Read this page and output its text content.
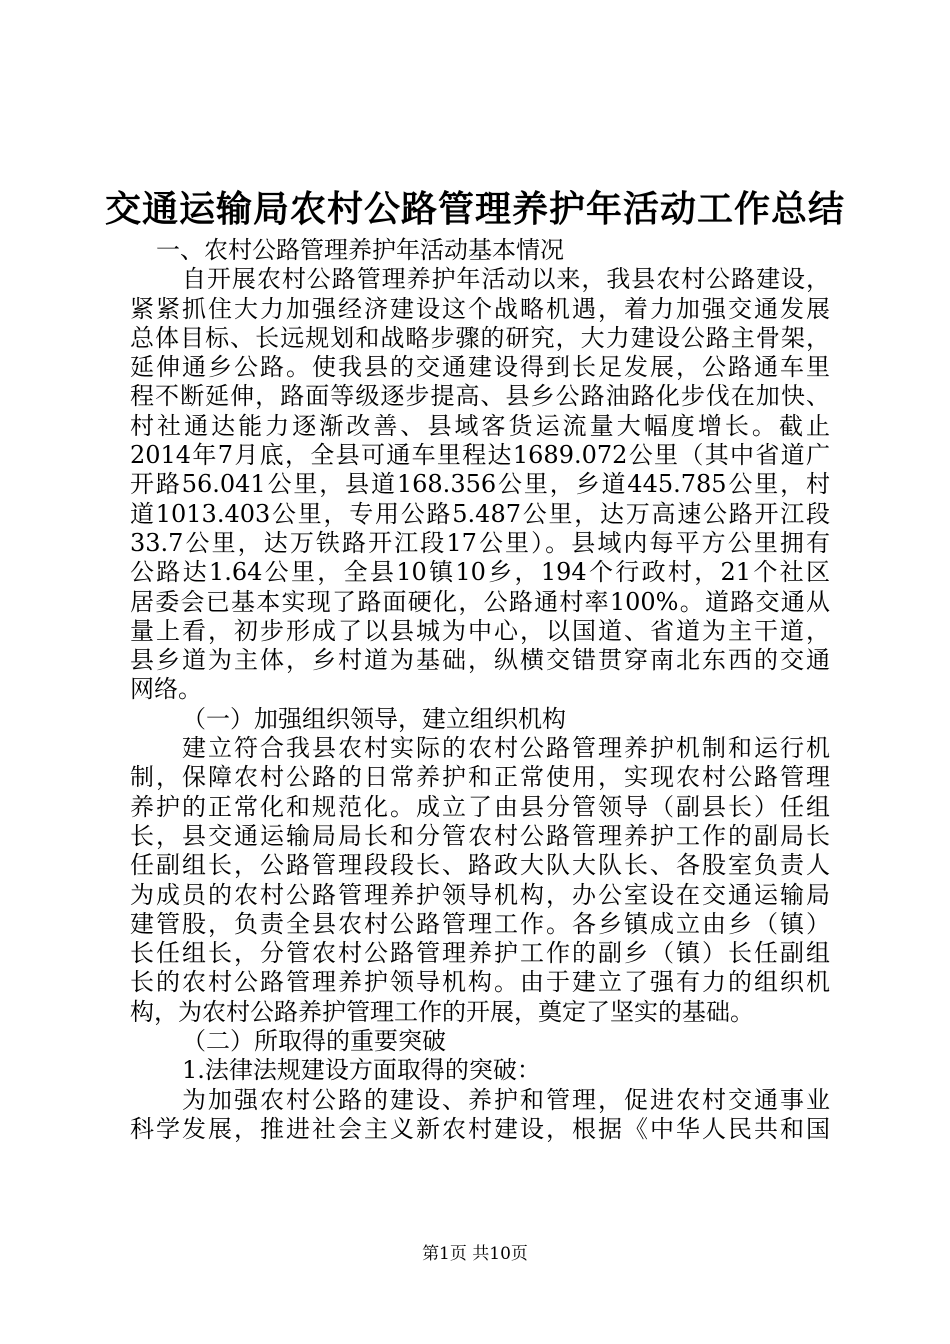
交通运输局农村公路管理养护年活动工作总结
一、农村公路管理养护年活动基本情况
自开展农村公路管理养护年活动以来，我县农村公路建设，
紧紧抓住大力加强经济建设这个战略机遇，着力加强交通发展
总体目标、长远规划和战略步骤的研究，大力建设公路主骨架，
延伸通乡公路。使我县的交通建设得到长足发展，公路通车里
程不断延伸，路面等级逐步提高、县乡公路油路化步伐在加快、
村社通达能力逐渐改善、县域客货运流量大幅度增长。截止
2014年7月底，全县可通车里程达1689.072公里（其中省道广
开路56.041公里，县道168.356公里，乡道445.785公里，村
道1013.403公里，专用公路5.487公里，达万高速公路开江段
33.7公里，达万铁路开江段17公里）。县域内每平方公里拥有
公路达1.64公里，全县10镇10乡，194个行政村，21个社区
居委会已基本实现了路面硬化，公路通村率100%。道路交通从
量上看，初步形成了以县城为中心，以国道、省道为主干道，
县乡道为主体，乡村道为基础，纵横交错贯穿南北东西的交通
网络。
（一）加强组织领导，建立组织机构
建立符合我县农村实际的农村公路管理养护机制和运行机
制，保障农村公路的日常养护和正常使用，实现农村公路管理
养护的正常化和规范化。成立了由县分管领导（副县长）任组
长，县交通运输局局长和分管农村公路管理养护工作的副局长
任副组长，公路管理段段长、路政大队大队长、各股室负责人
为成员的农村公路管理养护领导机构，办公室设在交通运输局
建管股，负责全县农村公路管理工作。各乡镇成立由乡（镇）
长任组长，分管农村公路管理养护工作的副乡（镇）长任副组
长的农村公路管理养护领导机构。由于建立了强有力的组织机
构，为农村公路养护管理工作的开展，奠定了坚实的基础。
（二）所取得的重要突破
1.法律法规建设方面取得的突破：
为加强农村公路的建设、养护和管理，促进农村交通事业
科学发展，推进社会主义新农村建设，根据《中华人民共和国
第1页 共10页
